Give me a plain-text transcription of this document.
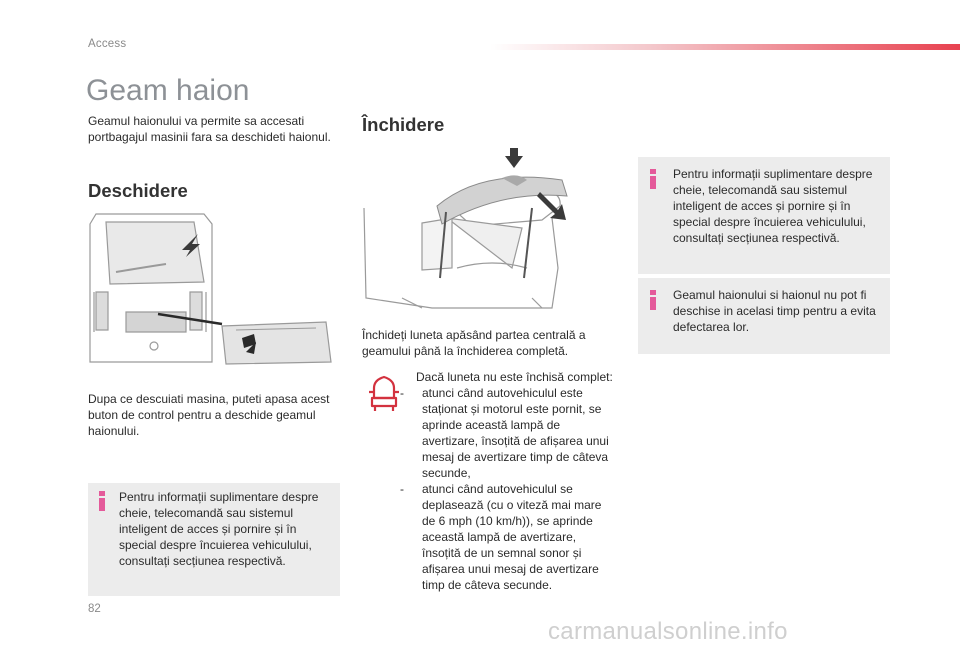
Access
Geam haion
Geamul haionului va permite sa accesati portbagajul masinii fara sa deschideti haionul.
Deschidere
Dupa ce descuiati masina, puteti apasa acest buton de control pentru a deschide geamul haionului.
Pentru informații suplimentare despre cheie, telecomandă sau sistemul inteligent de acces și pornire și în special despre încuierea vehiculului, consultați secțiunea respectivă.
Închidere
Închideți luneta apăsând partea centrală a geamului până la închiderea completă.
Dacă luneta nu este închisă complet:
-	atunci când autovehiculul este staționat și motorul este pornit, se aprinde această lampă de avertizare, însoțită de afișarea unui mesaj de avertizare timp de câteva secunde,
-	atunci când autovehiculul se deplasează (cu o viteză mai mare de 6 mph (10 km/h)), se aprinde această lampă de avertizare, însoțită de un semnal sonor și afișarea unui mesaj de avertizare timp de câteva secunde.
Pentru informații suplimentare despre cheie, telecomandă sau sistemul inteligent de acces și pornire și în special despre încuierea vehiculului, consultați secțiunea respectivă.
Geamul haionului si haionul nu pot fi deschise in acelasi timp pentru a evita defectarea lor.
82
carmanualsonline.info
